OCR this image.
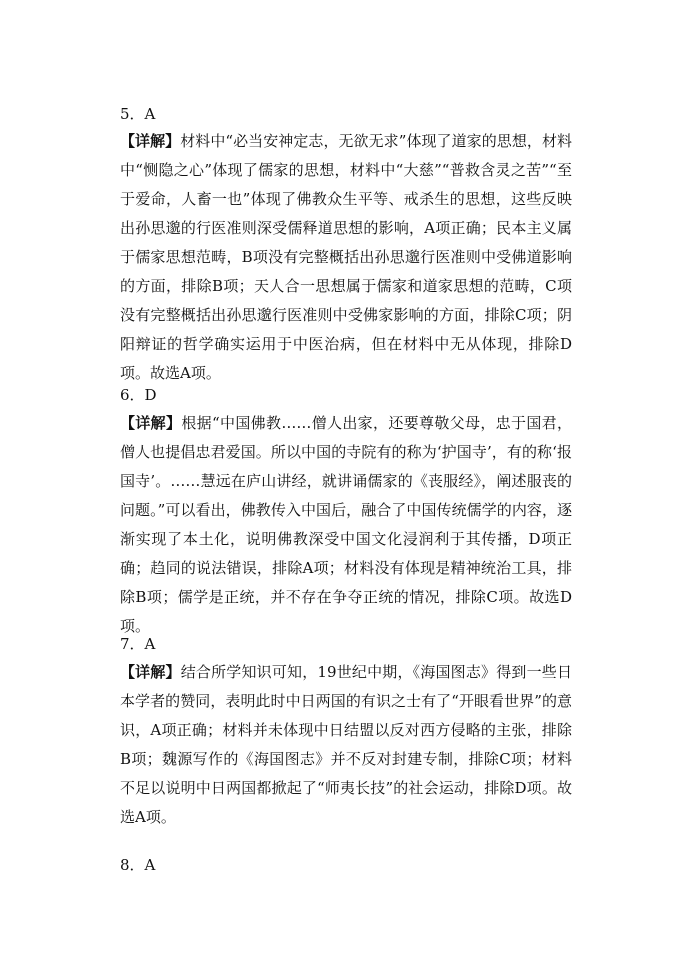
5．A
【详解】材料中“必当安神定志，无欲无求”体现了道家的思想，材料中“恻隐之心”体现了儒家的思想，材料中“大慈”“普救含灵之苦”“至于爱命，人畜一也”体现了佛教众生平等、戒杀生的思想，这些反映出孙思邈的行医准则深受儒释道思想的影响，A项正确；民本主义属于儒家思想范畴，B项没有完整概括出孙思邈行医准则中受佛道影响的方面，排除B项；天人合一思想属于儒家和道家思想的范畴，C项没有完整概括出孙思邈行医准则中受佛家影响的方面，排除C项；阴阳辩证的哲学确实运用于中医治病，但在材料中无从体现，排除D项。故选A项。
6．D
【详解】根据“中国佛教……僧人出家，还要尊敬父母，忠于国君，僧人也提倡忠君爱国。所以中国的寺院有的称为‘护国寺’，有的称‘报国寺’。……慧远在庐山讲经，就讲诵儒家的《丧服经》，阐述服丧的问题。”可以看出，佛教传入中国后，融合了中国传统儒学的内容，逐渐实现了本土化，说明佛教深受中国文化浸润利于其传播，D项正确；趋同的说法错误，排除A项；材料没有体现是精神统治工具，排除B项；儒学是正统，并不存在争夺正统的情况，排除C项。故选D项。
7．A
【详解】结合所学知识可知，19世纪中期，《海国图志》得到一些日本学者的赞同，表明此时中日两国的有识之士有了“开眼看世界”的意识，A项正确；材料并未体现中日结盟以反对西方侵略的主张，排除B项；魏源写作的《海国图志》并不反对封建专制，排除C项；材料不足以说明中日两国都掀起了“师夷长技”的社会运动，排除D项。故选A项。
8．A
